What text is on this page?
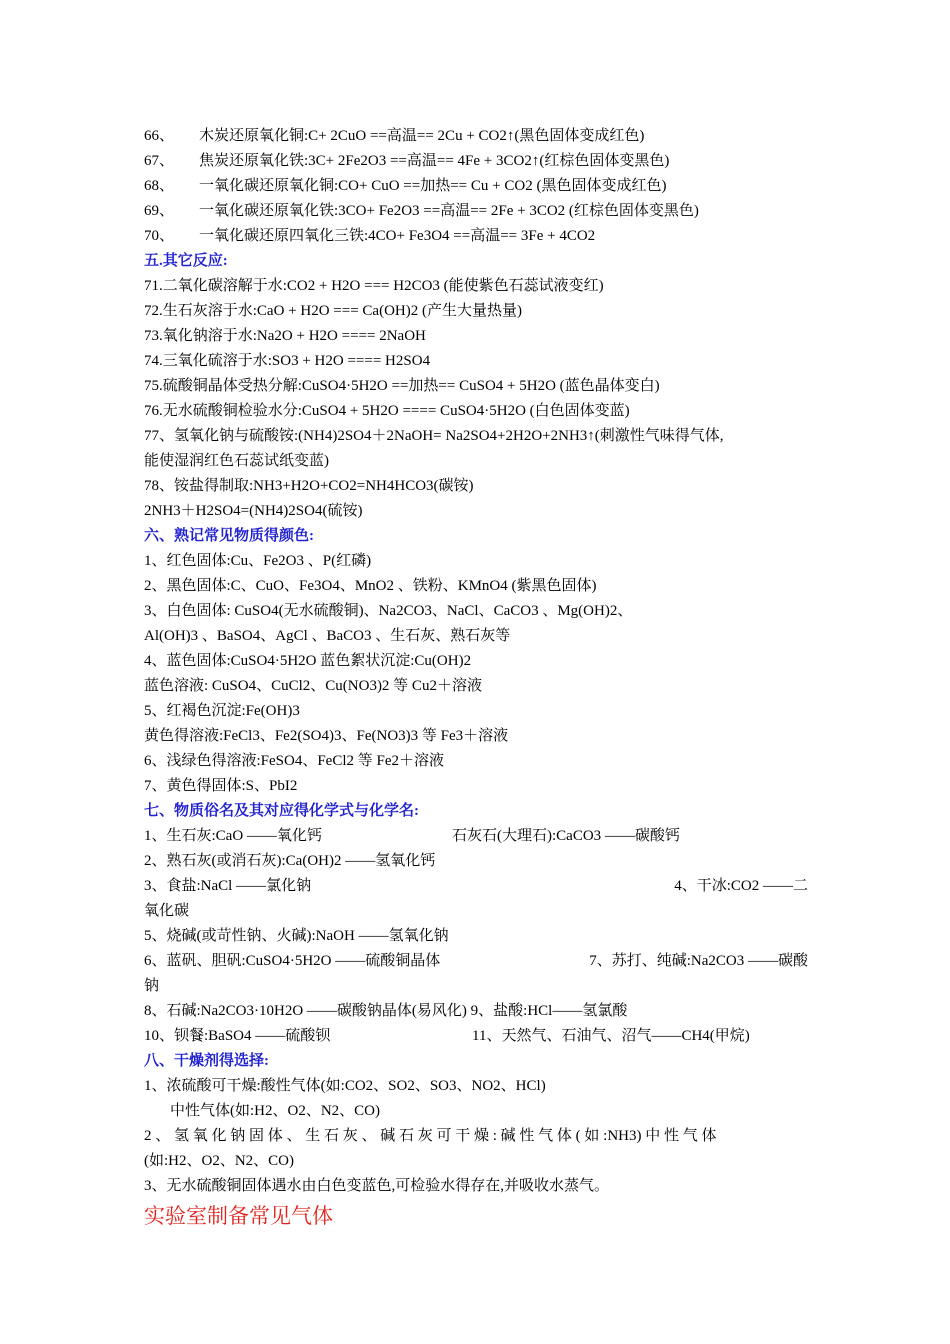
66、 木炭还原氧化铜:C+ 2CuO ==高温== 2Cu + CO2↑(黑色固体变成红色)
67、 焦炭还原氧化铁:3C+ 2Fe2O3 ==高温== 4Fe + 3CO2↑(红棕色固体变黑色)
68、 一氧化碳还原氧化铜:CO+ CuO ==加热== Cu + CO2 (黑色固体变成红色)
69、 一氧化碳还原氧化铁:3CO+ Fe2O3 ==高温== 2Fe + 3CO2 (红棕色固体变黑色)
70、 一氧化碳还原四氧化三铁:4CO+ Fe3O4 ==高温== 3Fe + 4CO2
五.其它反应:
71.二氧化碳溶解于水:CO2 + H2O === H2CO3 (能使紫色石蕊试液变红)
72.生石灰溶于水:CaO + H2O === Ca(OH)2 (产生大量热量)
73.氧化钠溶于水:Na2O + H2O ==== 2NaOH
74.三氧化硫溶于水:SO3 + H2O ==== H2SO4
75.硫酸铜晶体受热分解:CuSO4·5H2O ==加热== CuSO4 + 5H2O (蓝色晶体变白)
76.无水硫酸铜检验水分:CuSO4 + 5H2O ==== CuSO4·5H2O (白色固体变蓝)
77、氢氧化钠与硫酸铵:(NH4)2SO4＋2NaOH= Na2SO4+2H2O+2NH3↑(刺激性气味得气体,
能使湿润红色石蕊试纸变蓝)
78、铵盐得制取:NH3+H2O+CO2=NH4HCO3(碳铵)
2NH3＋H2SO4=(NH4)2SO4(硫铵)
六、熟记常见物质得颜色:
1、红色固体:Cu、Fe2O3 、P(红磷)
2、黑色固体:C、CuO、Fe3O4、MnO2 、铁粉、KMnO4 (紫黑色固体)
3、白色固体: CuSO4(无水硫酸铜)、Na2CO3、NaCl、CaCO3 、Mg(OH)2、
Al(OH)3 、BaSO4、AgCl 、BaCO3 、生石灰、熟石灰等
4、蓝色固体:CuSO4·5H2O 蓝色絮状沉淀:Cu(OH)2
蓝色溶液: CuSO4、CuCl2、Cu(NO3)2 等 Cu2＋溶液
5、红褐色沉淀:Fe(OH)3
黄色得溶液:FeCl3、Fe2(SO4)3、Fe(NO3)3 等 Fe3＋溶液
6、浅绿色得溶液:FeSO4、FeCl2 等 Fe2＋溶液
7、黄色得固体:S、PbI2
七、物质俗名及其对应得化学式与化学名:
1、生石灰:CaO ——氧化钙	石灰石(大理石):CaCO3 ——碳酸钙
2、熟石灰(或消石灰):Ca(OH)2 ——氢氧化钙
3、食盐:NaCl ——氯化钠	4、干冰:CO2 ——二
氧化碳
5、烧碱(或苛性钠、火碱):NaOH ——氢氧化钠
6、蓝矾、胆矾:CuSO4·5H2O ——硫酸铜晶体	7、苏打、纯碱:Na2CO3 ——碳酸
钠
8、石碱:Na2CO3·10H2O ——碳酸钠晶体(易风化) 9、盐酸:HCl——氢氯酸
10、钡餐:BaSO4 ——硫酸钡	11、天然气、石油气、沼气——CH4(甲烷)
八、干燥剂得选择:
1、浓硫酸可干燥:酸性气体(如:CO2、SO2、SO3、NO2、HCl)
中性气体(如:H2、O2、N2、CO)
2 、 氢 氧 化 钠 固 体 、 生 石 灰 、 碱 石 灰 可 干 燥 : 碱 性 气 体 ( 如 :NH3) 中 性 气 体
(如:H2、O2、N2、CO)
3、无水硫酸铜固体遇水由白色变蓝色,可检验水得存在,并吸收水蒸气。
实验室制备常见气体
